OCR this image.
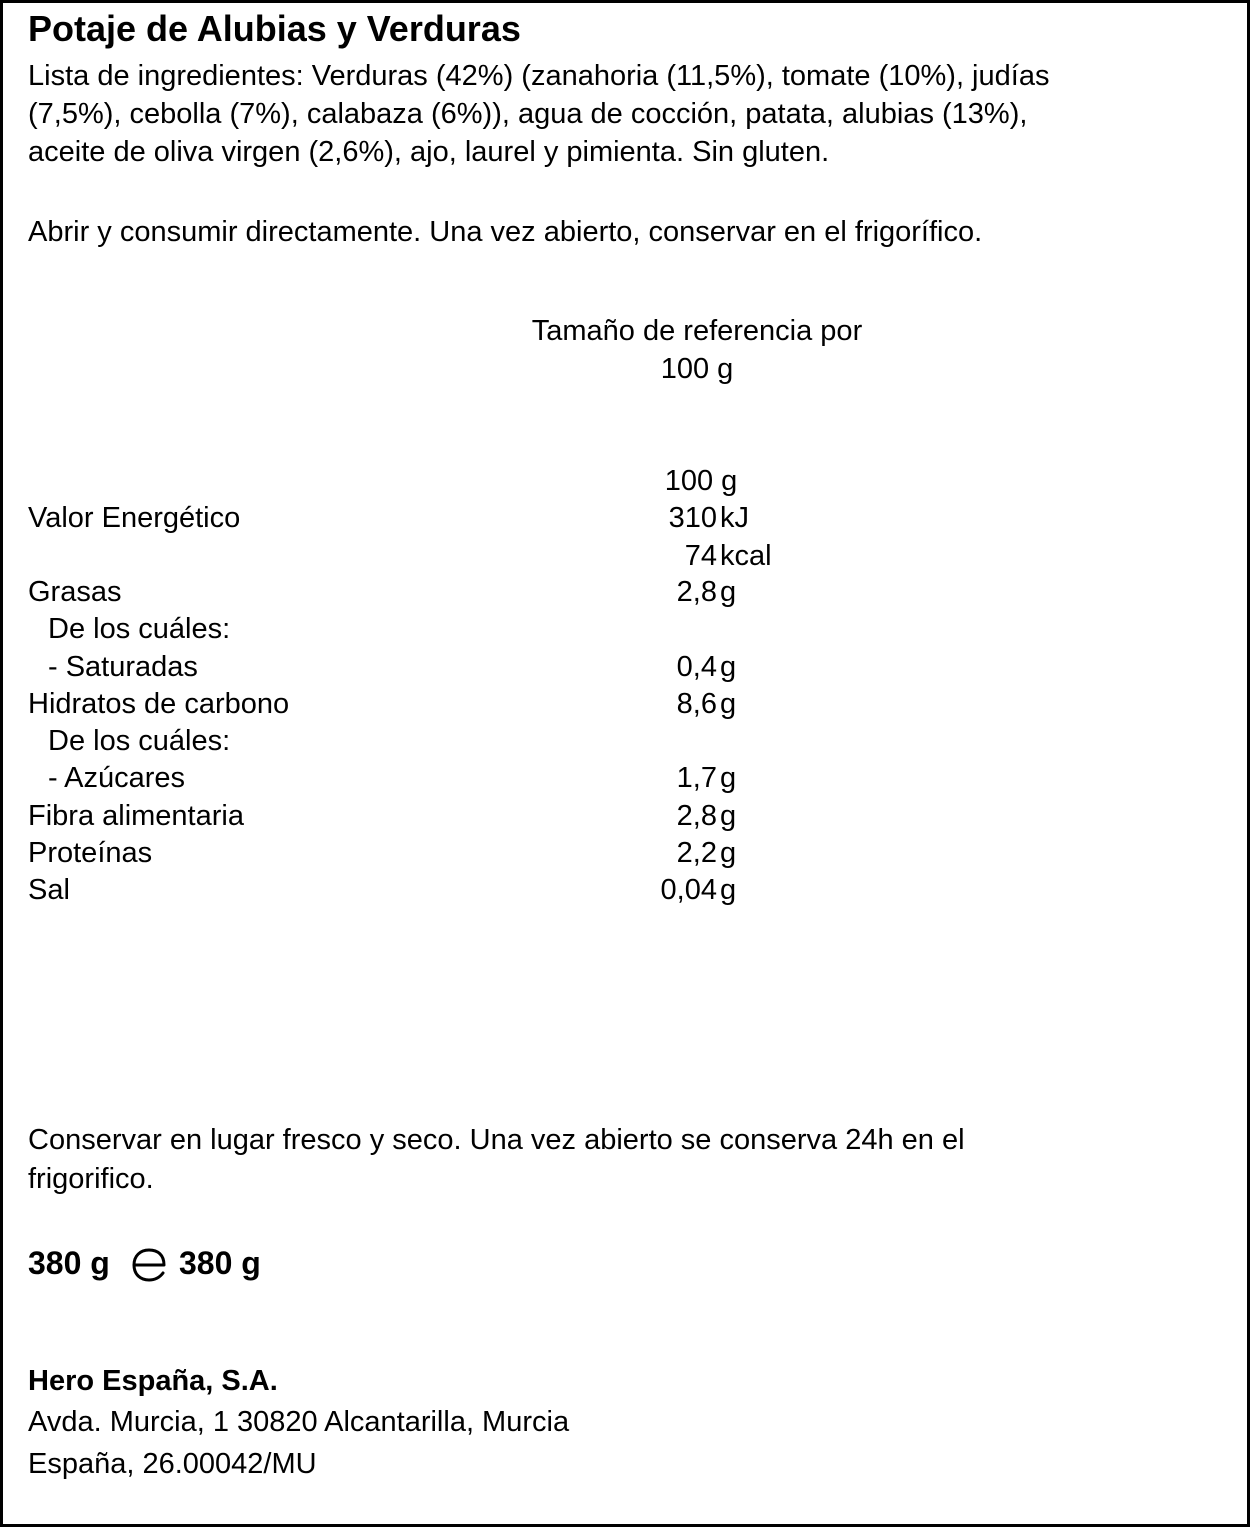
Potaje de Alubias y Verduras
Lista de ingredientes: Verduras (42%) (zanahoria (11,5%), tomate (10%), judías
(7,5%), cebolla (7%), calabaza (6%)), agua de cocción, patata, alubias (13%),
aceite de oliva virgen (2,6%), ajo, laurel y pimienta. Sin gluten.
Abrir y consumir directamente. Una vez abierto, conservar en el frigorífico.
Tamaño de referencia por
100 g
100 g
Valor Energético	310 kJ
74 kcal
Grasas	2,8 g
De los cuáles:
- Saturadas	0,4 g
Hidratos de carbono	8,6 g
De los cuáles:
- Azúcares	1,7 g
Fibra alimentaria	2,8 g
Proteínas	2,2 g
Sal	0,04 g
Conservar en lugar fresco y seco. Una vez abierto se conserva 24h en el
frigorifico.
380 g 380 g
Hero España, S.A.
Avda. Murcia, 1 30820 Alcantarilla, Murcia
España, 26.00042/MU
